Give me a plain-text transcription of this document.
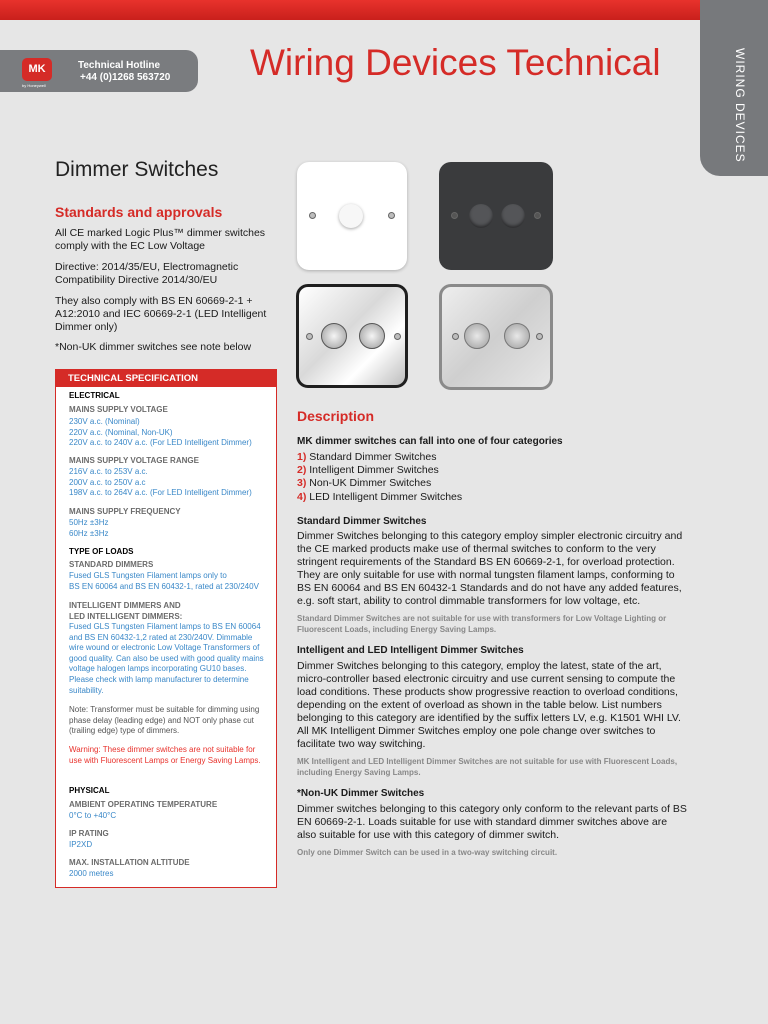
WIRING DEVICES
MK
by Honeywell
Technical Hotline
+44 (0)1268 563720 Wiring Devices Technical
Dimmer Switches
Standards and approvals

All CE marked Logic Plus™ dimmer switches comply with the EC Low Voltage

Directive: 2014/35/EU, Electromagnetic Compatibility Directive 2014/30/EU

They also comply with BS EN 60669-2-1 + A12:2010 and IEC 60669-2-1 (LED Intelligent Dimmer only)

*Non-UK dimmer switches see note below

TECHNICAL SPECIFICATION

ELECTRICAL

MAINS SUPPLY VOLTAGE

230V a.c. (Nominal)
220V a.c. (Nominal, Non-UK)
220V a.c. to 240V a.c. (For LED Intelligent Dimmer)

MAINS SUPPLY VOLTAGE RANGE

216V a.c. to 253V a.c.
200V a.c. to 250V a.c
198V a.c. to 264V a.c. (For LED Intelligent Dimmer)

MAINS SUPPLY FREQUENCY

50Hz ±3Hz
60Hz ±3Hz

TYPE OF LOADS

STANDARD DIMMERS

Fused GLS Tungsten Filament lamps only to
BS EN 60064 and BS EN 60432-1, rated at 230/240V

INTELLIGENT DIMMERS AND
LED INTELLIGENT DIMMERS:

Fused GLS Tungsten Filament lamps to BS EN 60064 and BS EN 60432-1,2 rated at 230/240V. Dimmable wire wound or electronic Low Voltage Transformers of good quality. Can also be used with good quality mains voltage halogen lamps incorporating GU10 bases. Please check with lamp manufacturer to determine suitability.

Note: Transformer must be suitable for dimming using phase delay (leading edge) and NOT only phase cut (trailing edge) type of dimmers.

Warning: These dimmer switches are not suitable for use with Fluorescent Lamps or Energy Saving Lamps.

PHYSICAL

AMBIENT OPERATING TEMPERATURE

0°C to +40°C

IP RATING

IP2XD

MAX. INSTALLATION ALTITUDE

2000 metres

Description

MK dimmer switches can fall into one of four categories

1) Standard Dimmer Switches

2) Intelligent Dimmer Switches

3) Non-UK Dimmer Switches

4) LED Intelligent Dimmer Switches

Standard Dimmer Switches

Dimmer Switches belonging to this category employ simpler electronic circuitry and the CE marked products make use of thermal switches to conform to the very stringent requirements of the Standard BS EN 60669-2-1, for overload protection. They are only suitable for use with normal tungsten filament lamps, conforming to BS EN 60064 and BS EN 60432-1 Standards and do not have any added features, e.g. soft start, ability to control dimmable transformers for low voltage, etc.

Standard Dimmer Switches are not suitable for use with transformers for Low Voltage Lighting or Fluorescent Loads, including Energy Saving Lamps.

Intelligent and LED Intelligent Dimmer Switches

Dimmer Switches belonging to this category, employ the latest, state of the art, micro-controller based electronic circuitry and use current sensing to compute the load conditions. These products show progressive reaction to overload conditions, depending on the extent of overload as shown in the table below. List numbers belonging to this category are identified by the suffix letters LV, e.g. K1501 WHI LV. All MK Intelligent Dimmer Switches employ one pole change over switches to facilitate two way switching.

MK Intelligent and LED Intelligent Dimmer Switches are not suitable for use with Fluorescent Loads, including Energy Saving Lamps.

*Non-UK Dimmer Switches

Dimmer switches belonging to this category only conform to the relevant parts of BS EN 60669-2-1. Loads suitable for use with standard dimmer switches above are also suitable for use with this category of dimmer switch.

Only one Dimmer Switch can be used in a two-way switching circuit.
